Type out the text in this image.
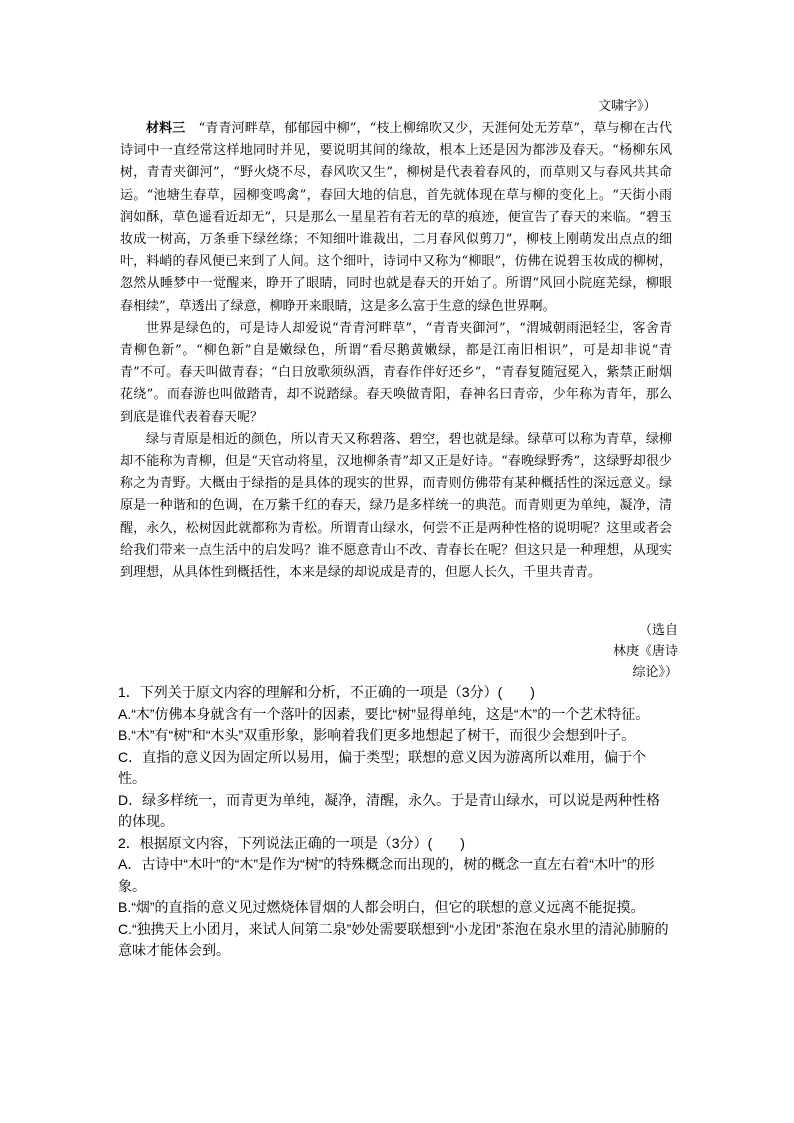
文啸字》）

材料三　 “青青河畔草，郁郁园中柳”，“枝上柳绵吹又少，天涯何处无芳草”，草与柳在古代诗词中一直经常这样地同时并见，要说明其间的缘故，根本上还是因为都涉及春天。“杨柳东风树，青青夹御河”，“野火烧不尽，春风吹又生”，柳树是代表着春风的，而草则又与春风共其命运。“池塘生春草，园柳变鸣禽”，春回大地的信息，首先就体现在草与柳的变化上。“天街小雨润如酥，草色遥看近却无”，只是那么一星星若有若无的草的痕迹，便宣告了春天的来临。“碧玉妆成一树高，万条垂下绿丝绦；不知细叶谁裁出，二月春风似剪刀”，柳枝上刚萌发出点点的细叶，料峭的春风便已来到了人间。这个细叶，诗词中又称为“柳眼”，仿佛在说碧玉妆成的柳树，忽然从睡梦中一觉醒来，睁开了眼睛，同时也就是春天的开始了。所谓“风回小院庭芜绿，柳眼春相续”，草透出了绿意，柳睁开来眼睛，这是多么富于生意的绿色世界啊。

世界是绿色的，可是诗人却爱说“青青河畔草”，“青青夹御河”，“渭城朝雨浥轻尘，客舍青青柳色新”。“柳色新”自是嫩绿色，所谓“看尽鹅黄嫩绿，都是江南旧相识”，可是却非说“青青”不可。春天叫做青春；“白日放歌须纵酒，青春作伴好还乡”，“青春复随冠冕入，紫禁正耐烟花绕”。而春游也叫做踏青，却不说踏绿。春天唤做青阳，春神名曰青帝，少年称为青年，那么到底是谁代表着春天呢？

绿与青原是相近的颜色，所以青天又称碧落、碧空，碧也就是绿。绿草可以称为青草，绿柳却不能称为青柳，但是“天官动将星，汉地柳条青”却又正是好诗。“春晚绿野秀”，这绿野却很少称之为青野。大概由于绿指的是具体的现实的世界，而青则仿佛带有某种概括性的深远意义。绿原是一种谐和的色调，在万紫千红的春天，绿乃是多样统一的典范。而青则更为单纯，凝净，清醒，永久，松树因此就都称为青松。所谓青山绿水，何尝不正是两种性格的说明呢？这里或者会给我们带来一点生活中的启发吗？谁不愿意青山不改、青春长在呢？但这只是一种理想，从现实到理想，从具体性到概括性，本来是绿的却说成是青的，但愿人长久，千里共青青。

（选自
林庚《唐诗
综论》）

1．下列关于原文内容的理解和分析，不正确的一项是（3分）(　　)

A.“木”仿佛本身就含有一个落叶的因素，要比“树”显得单纯，这是“木”的一个艺术特征。

B.“木”有“树”和“木头”双重形象，影响着我们更多地想起了树干，而很少会想到叶子。

C．直指的意义因为固定所以易用，偏于类型；联想的意义因为游离所以难用，偏于个性。

D．绿多样统一，而青更为单纯，凝净，清醒，永久。于是青山绿水，可以说是两种性格的体现。

2．根据原文内容，下列说法正确的一项是（3分）(　　)

A．古诗中“木叶”的“木”是作为“树”的特殊概念而出现的，树的概念一直左右着“木叶”的形象。

B.“烟”的直指的意义见过燃烧体冒烟的人都会明白，但它的联想的意义远离不能捉摸。

C.“独携天上小团月，来试人间第二泉”妙处需要联想到“小龙团”茶泡在泉水里的清沁肺腑的意味才能体会到。
